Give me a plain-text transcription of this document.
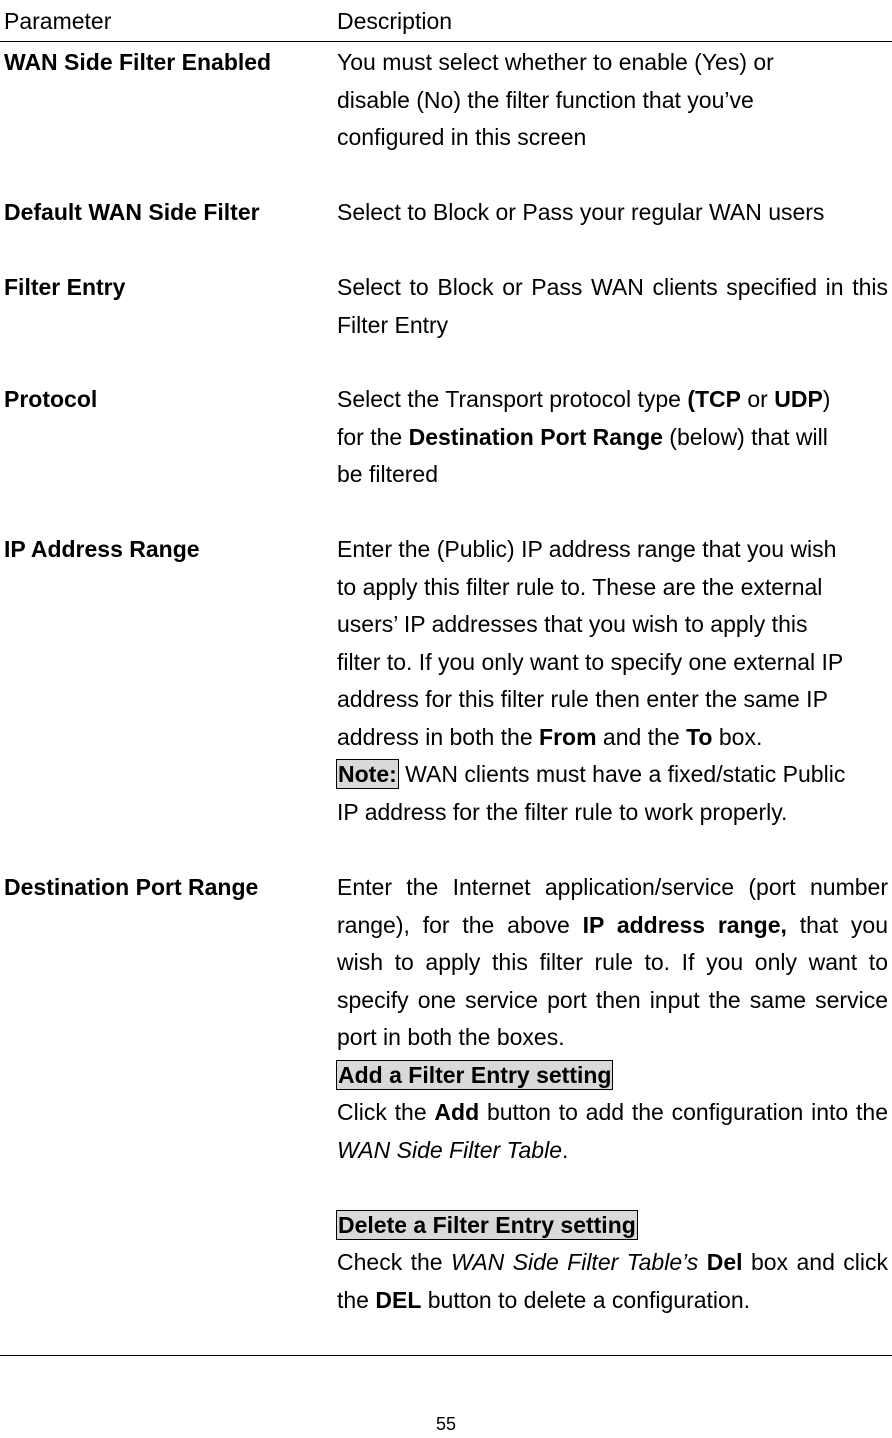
Parameter	Description
WAN Side Filter Enabled	You must select whether to enable (Yes) or

disable (No) the filter function that you’ve

configured in this screen

Default WAN Side Filter	Select to Block or Pass your regular WAN users

Filter Entry	Select to Block or Pass WAN clients specified in this Filter Entry

Protocol	Select the Transport protocol type (TCP or UDP)

for the Destination Port Range (below) that will

be filtered

IP Address Range	Enter the (Public) IP address range that you wish

to apply this filter rule to. These are the external

users’ IP addresses that you wish to apply this

filter to. If you only want to specify one external IP

address for this filter rule then enter the same IP

address in both the From and the To box.

Note: WAN clients must have a fixed/static Public

IP address for the filter rule to work properly.

Destination Port Range	Enter the Internet application/service (port number range), for the above IP address range, that you wish to apply this filter rule to. If you only want to specify one service port then input the same service port in both the boxes.

Add a Filter Entry setting

Click the Add button to add the configuration into the WAN Side Filter Table.

Delete a Filter Entry setting

Check the WAN Side Filter Table’s Del box and click the DEL button to delete a configuration.

55
